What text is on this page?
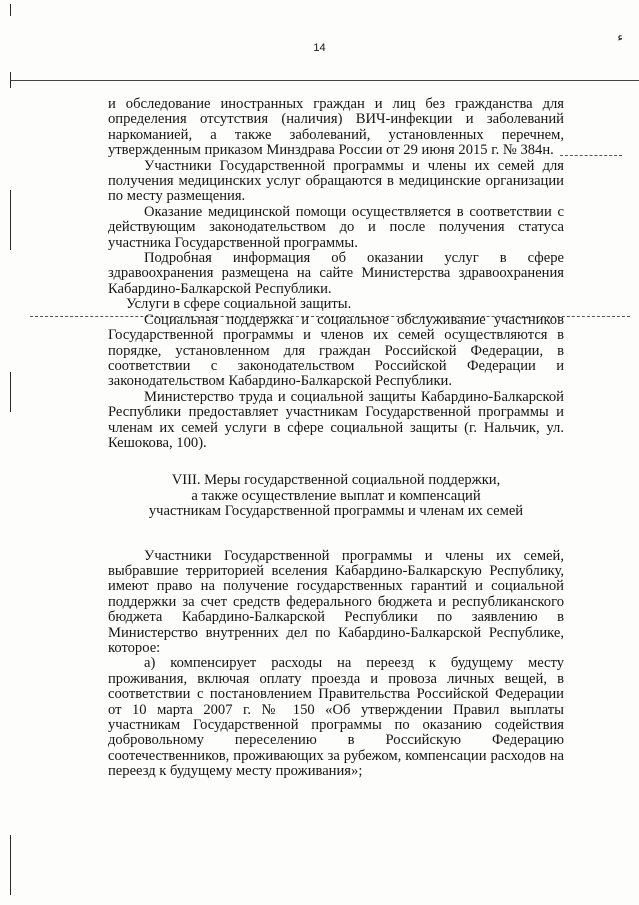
14
ء

и обследование иностранных граждан и лиц без гражданства для определения отсутствия (наличия) ВИЧ-инфекции и заболеваний наркоманией, а также заболеваний, установленных перечнем, утвержденным приказом Минздрава России от 29 июня 2015 г. № 384н.

Участники Государственной программы и члены их семей для получения медицинских услуг обращаются в медицинские организации по месту размещения.

Оказание медицинской помощи осуществляется в соответствии с действующим законодательством до и после получения статуса участника Государственной программы.

Подробная информация об оказании услуг в сфере здравоохранения размещена на сайте Министерства здравоохранения Кабардино-Балкарской Республики.

Услуги в сфере социальной защиты.

Социальная поддержка и социальное обслуживание участников Государственной программы и членов их семей осуществляются в порядке, установленном для граждан Российской Федерации, в соответствии с законодательством Российской Федерации и законодательством Кабардино-Балкарской Республики.

Министерство труда и социальной защиты Кабардино-Балкарской Республики предоставляет участникам Государственной программы и членам их семей услуги в сфере социальной защиты (г. Нальчик, ул. Кешокова, 100).

VIII. Меры государственной социальной поддержки,
а также осуществление выплат и компенсаций
участникам Государственной программы и членам их семей

Участники Государственной программы и члены их семей, выбравшие территорией вселения Кабардино-Балкарскую Республику, имеют право на получение государственных гарантий и социальной поддержки за счет средств федерального бюджета и республиканского бюджета Кабардино-Балкарской Республики по заявлению в Министерство внутренних дел по Кабардино-Балкарской Республике, которое:

а) компенсирует расходы на переезд к будущему месту проживания, включая оплату проезда и провоза личных вещей, в соответствии с постановлением Правительства Российской Федерации от 10 марта 2007 г. № 150 «Об утверждении Правил выплаты участникам Государственной программы по оказанию содействия добровольному переселению в Российскую Федерацию соотечественников, проживающих за рубежом, компенсации расходов на переезд к будущему месту проживания»;
